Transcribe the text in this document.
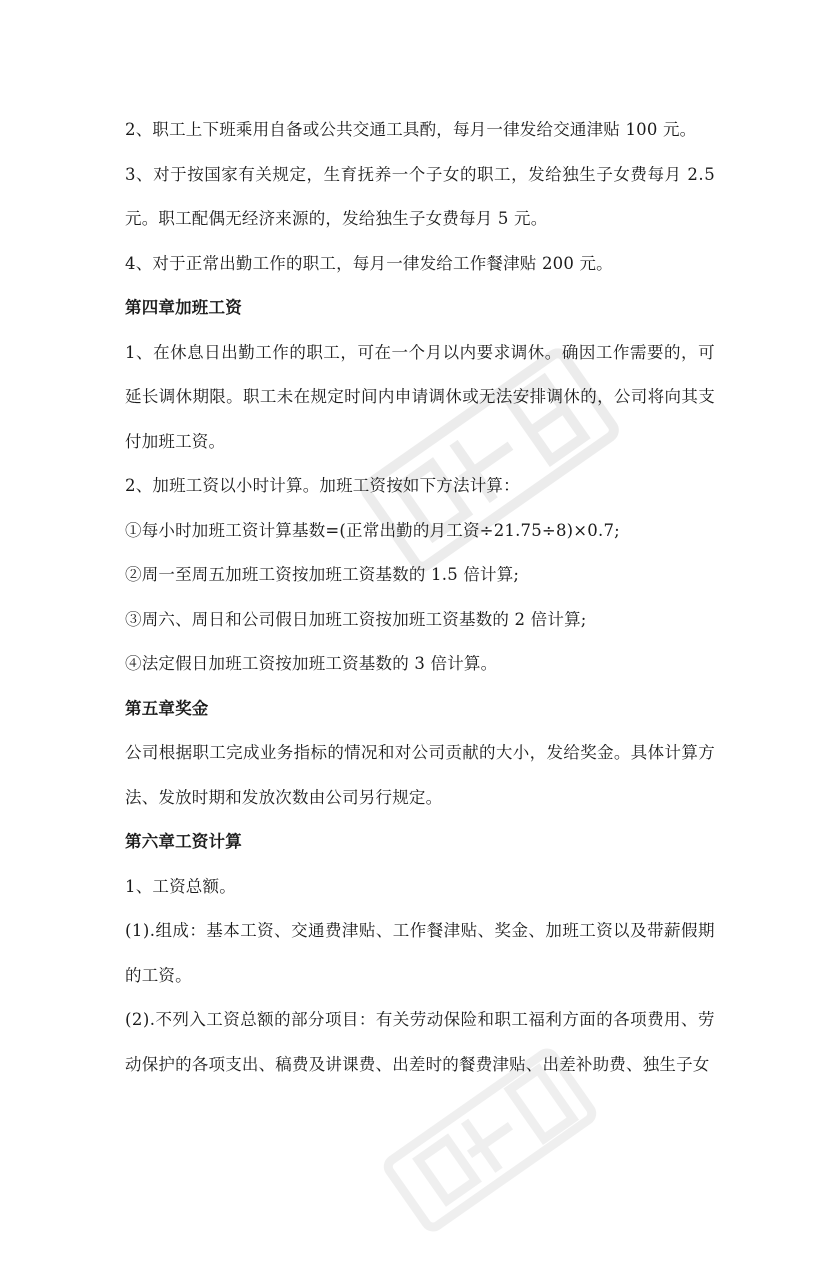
2、职工上下班乘用自备或公共交通工具酌，每月一律发给交通津贴 100 元。
3 、 对 于 按 国 家 有 关 规 定 ， 生 育 抚 养 一 个 子 女 的 职 工 ， 发 给 独 生 子 女 费 每 月
2 . 5
元。职工配偶无经济来源的，发给独生子女费每月 5 元。
4、对于正常出勤工作的职工，每月一律发给工作餐津贴 200 元。
第四章加班工资
1 、 在 休 息 日 出 勤 工 作 的 职 工 ， 可 在 一 个 月 以 内 要 求 调 休 。 确 因 工 作 需 要 的 ， 可
延 长 调 休 期 限 。 职 工 未 在 规 定 时 间 内 申 请 调 休 或 无 法 安 排 调 休 的 ， 公 司 将 向 其 支
付加班工资。
2、加班工资以小时计算。加班工资按如下方法计算：
①每小时加班工资计算基数=(正常出勤的月工资÷21.75÷8)×0.7;
②周一至周五加班工资按加班工资基数的 1.5 倍计算;
③周六、周日和公司假日加班工资按加班工资基数的 2 倍计算;
④法定假日加班工资按加班工资基数的 3 倍计算。
第五章奖金
公 司 根 据 职 工 完 成 业 务 指 标 的 情 况 和 对 公 司 贡 献 的 大 小 ， 发 给 奖 金 。 具 体 计 算 方
法、发放时期和发放次数由公司另行规定。
第六章工资计算
1、工资总额。
( 1 ) . 组 成 ： 基 本 工 资 、 交 通 费 津 贴 、 工 作 餐 津 贴 、 奖 金 、 加 班 工 资 以 及 带 薪 假 期
的工资。
( 2 ) . 不 列 入 工 资 总 额 的 部 分 项 目 ： 有 关 劳 动 保 险 和 职 工 福 利 方 面 的 各 项 费 用 、 劳
动保护的各项支出、稿费及讲课费、出差时的餐费津贴、出差补助费、独生子女
